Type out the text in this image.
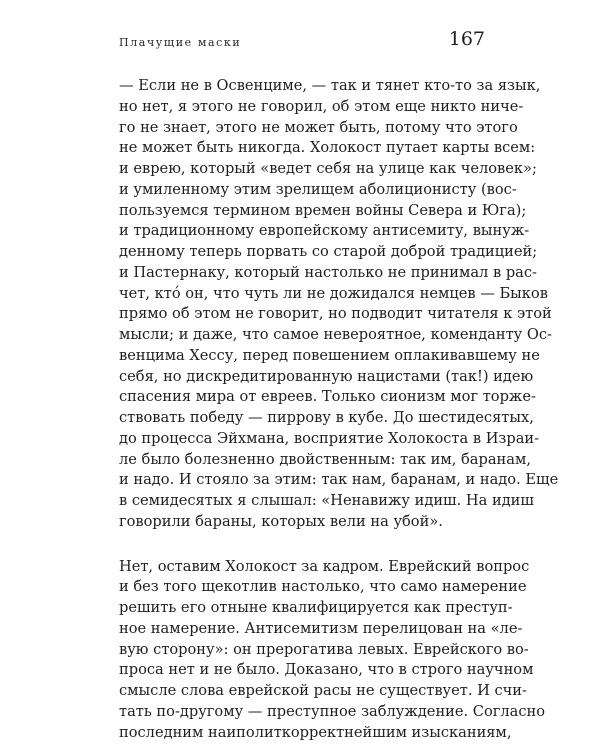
Плачущие маски	167
— Если не в Освенциме, — так и тянет кто-то за язык,
но нет, я этого не говорил, об этом еще никто ниче-
го не знает, этого не может быть, потому что этого
не может быть никогда. Холокост путает карты всем:
и еврею, который «ведет себя на улице как человек»;
и умиленному этим зрелищем аболиционисту (вос-
пользуемся термином времен войны Севера и Юга);
и традиционному европейскому антисемиту, вынуж-
денному теперь порвать со старой доброй традицией;
и Пастернаку, который настолько не принимал в рас-
чет, ктó он, что чуть ли не дожидался немцев — Быков
прямо об этом не говорит, но подводит читателя к этой
мысли; и даже, что самое невероятное, коменданту Ос-
венцима Хессу, перед повешением оплакивавшему не
себя, но дискредитированную нацистами (так!) идею
спасения мира от евреев. Только сионизм мог торже-
ствовать победу — пиррову в кубе. До шестидесятых,
до процесса Эйхмана, восприятие Холокоста в Израи-
ле было болезненно двойственным: так им, баранам,
и надо. И стояло за этим: так нам, баранам, и надо. Еще
в семидесятых я слышал: «Ненавижу идиш. На идиш
говорили бараны, которых вели на убой».
Нет, оставим Холокост за кадром. Еврейский вопрос
и без того щекотлив настолько, что само намерение
решить его отныне квалифицируется как преступ-
ное намерение. Антисемитизм перелицован на «ле-
вую сторону»: он прерогатива левых. Еврейского во-
проса нет и не было. Доказано, что в строго научном
смысле слова еврейской расы не существует. И счи-
тать по-другому — преступное заблуждение. Согласно
последним наиполиткорректнейшим изысканиям,
